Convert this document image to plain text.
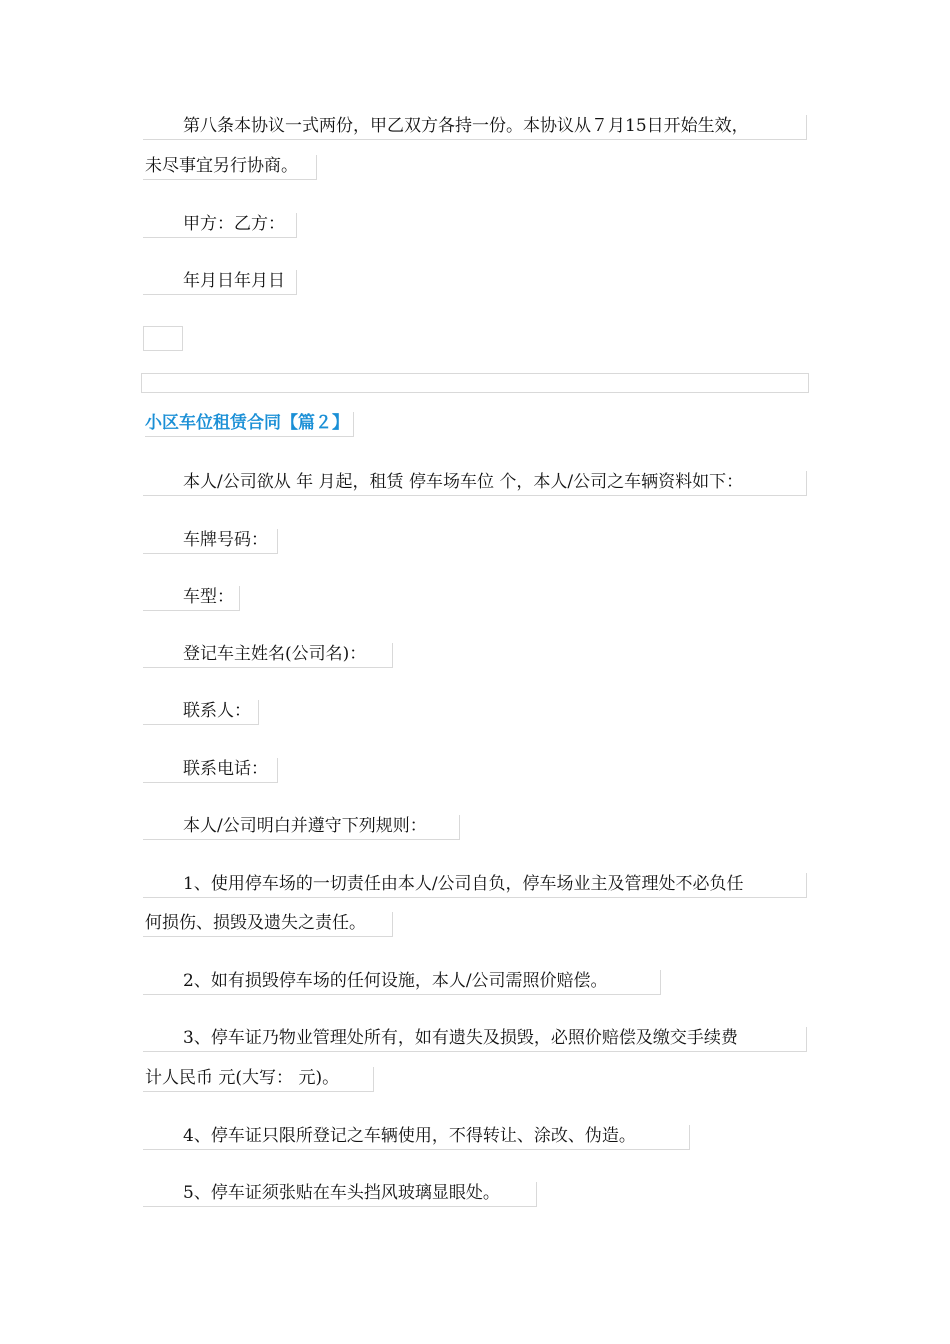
第八条本协议一式两份，甲乙双方各持一份。本协议从７月15日开始生效，
未尽事宜另行协商。
甲方：乙方：
年月日年月日
小区车位租赁合同【篇２】
本人/公司欲从 年 月起，租赁 停车场车位 个，本人/公司之车辆资料如下：
车牌号码：
车型：
登记车主姓名(公司名)：
联系人：
联系电话：
本人/公司明白并遵守下列规则：
1、使用停车场的一切责任由本人/公司自负，停车场业主及管理处不必负任
何损伤、损毁及遗失之责任。
2、如有损毁停车场的任何设施，本人/公司需照价赔偿。
3、停车证乃物业管理处所有，如有遗失及损毁，必照价赔偿及缴交手续费
计人民币 元(大写： 元)。
4、停车证只限所登记之车辆使用，不得转让、涂改、伪造。
5、停车证须张贴在车头挡风玻璃显眼处。
